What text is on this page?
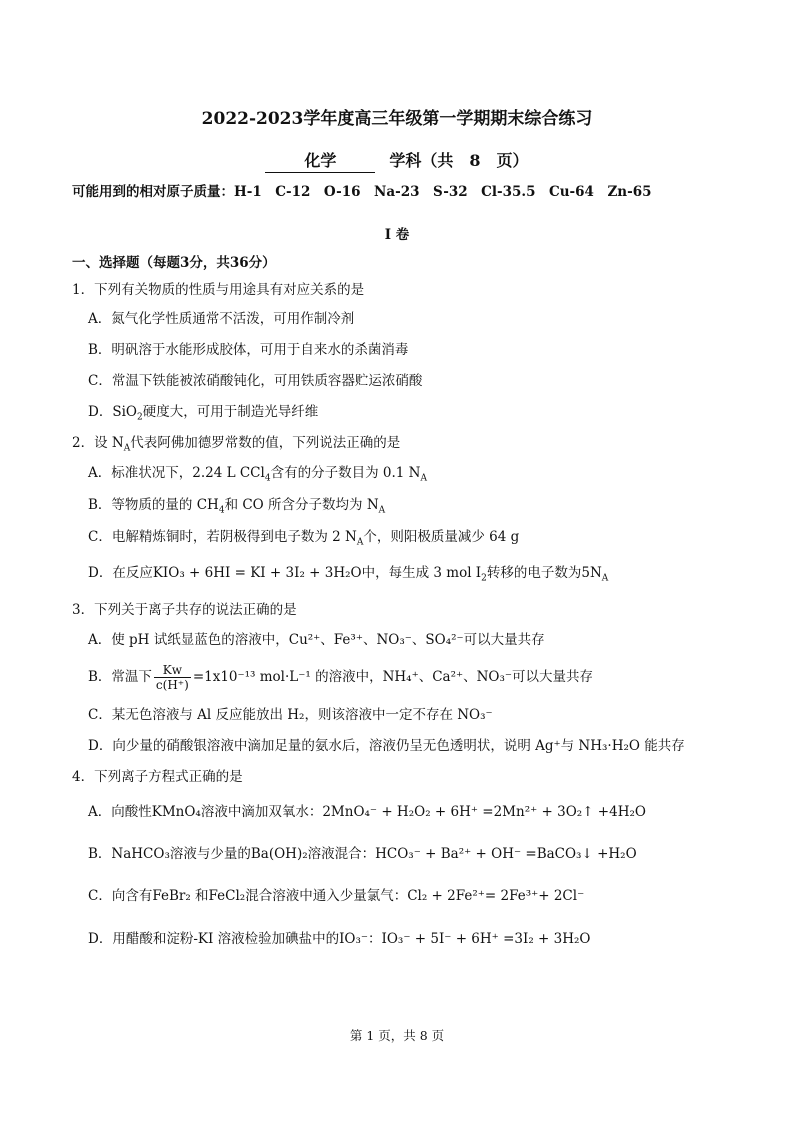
2022-2023学年度高三年级第一学期期末综合练习
化学	学科（共　8　页）
可能用到的相对原子质量：H-1　C-12　O-16　Na-23　S-32　Cl-35.5　Cu-64　Zn-65
I 卷
一、选择题（每题3分，共36分）
1．下列有关物质的性质与用途具有对应关系的是
A．氮气化学性质通常不活泼，可用作制冷剂
B．明矾溶于水能形成胶体，可用于自来水的杀菌消毒
C．常温下铁能被浓硝酸钝化，可用铁质容器贮运浓硝酸
D．SiO$_2$硬度大，可用于制造光导纤维
2．设 $N_A$代表阿佛加德罗常数的值，下列说法正确的是
A．标准状况下，2.24 L CCl$_4$含有的分子数目为 0.1 $N_A$
B．等物质的量的 $CH_4$和 CO 所含分子数均为 $N_A$
C．电解精炼铜时，若阴极得到电子数为 2 $N_A$个，则阳极质量减少 64 g
D．在反应KIO₃ + 6HI = KI + 3I₂ + 3H₂O中，每生成 3 mol $I_2$转移的电子数为$5N_A$
3．下列关于离子共存的说法正确的是
A．使 pH 试纸显蓝色的溶液中，Cu²⁺、Fe³⁺、NO₃⁻、SO₄²⁻可以大量共存
B．常温下 $\frac{Kw}{c(H^+)} =1x10^{-13}$ mol·L⁻¹ 的溶液中，NH₄⁺、Ca²⁺、NO₃⁻可以大量共存
C．某无色溶液与 Al 反应能放出 H₂，则该溶液中一定不存在 NO₃⁻
D．向少量的硝酸银溶液中滴加足量的氨水后，溶液仍呈无色透明状，说明 Ag⁺与 NH₃·H₂O 能共存
4．下列离子方程式正确的是
A．向酸性KMnO₄溶液中滴加双氧水：2MnO₄⁻ + H₂O₂ + 6H⁺ =2Mn²⁺ + 3O₂↑ +4H₂O
B．NaHCO₃溶液与少量的Ba(OH)₂溶液混合：HCO₃⁻ + Ba²⁺ + OH⁻ =BaCO₃↓ +H₂O
C．向含有FeBr₂ 和FeCl₂混合溶液中通入少量氯气：Cl₂ + 2Fe²⁺= 2Fe³⁺+ 2Cl⁻
D．用醋酸和淀粉-KI 溶液检验加碘盐中的IO₃⁻：IO₃⁻ + 5I⁻ + 6H⁺ =3I₂ + 3H₂O
第 1 页，共 8 页
